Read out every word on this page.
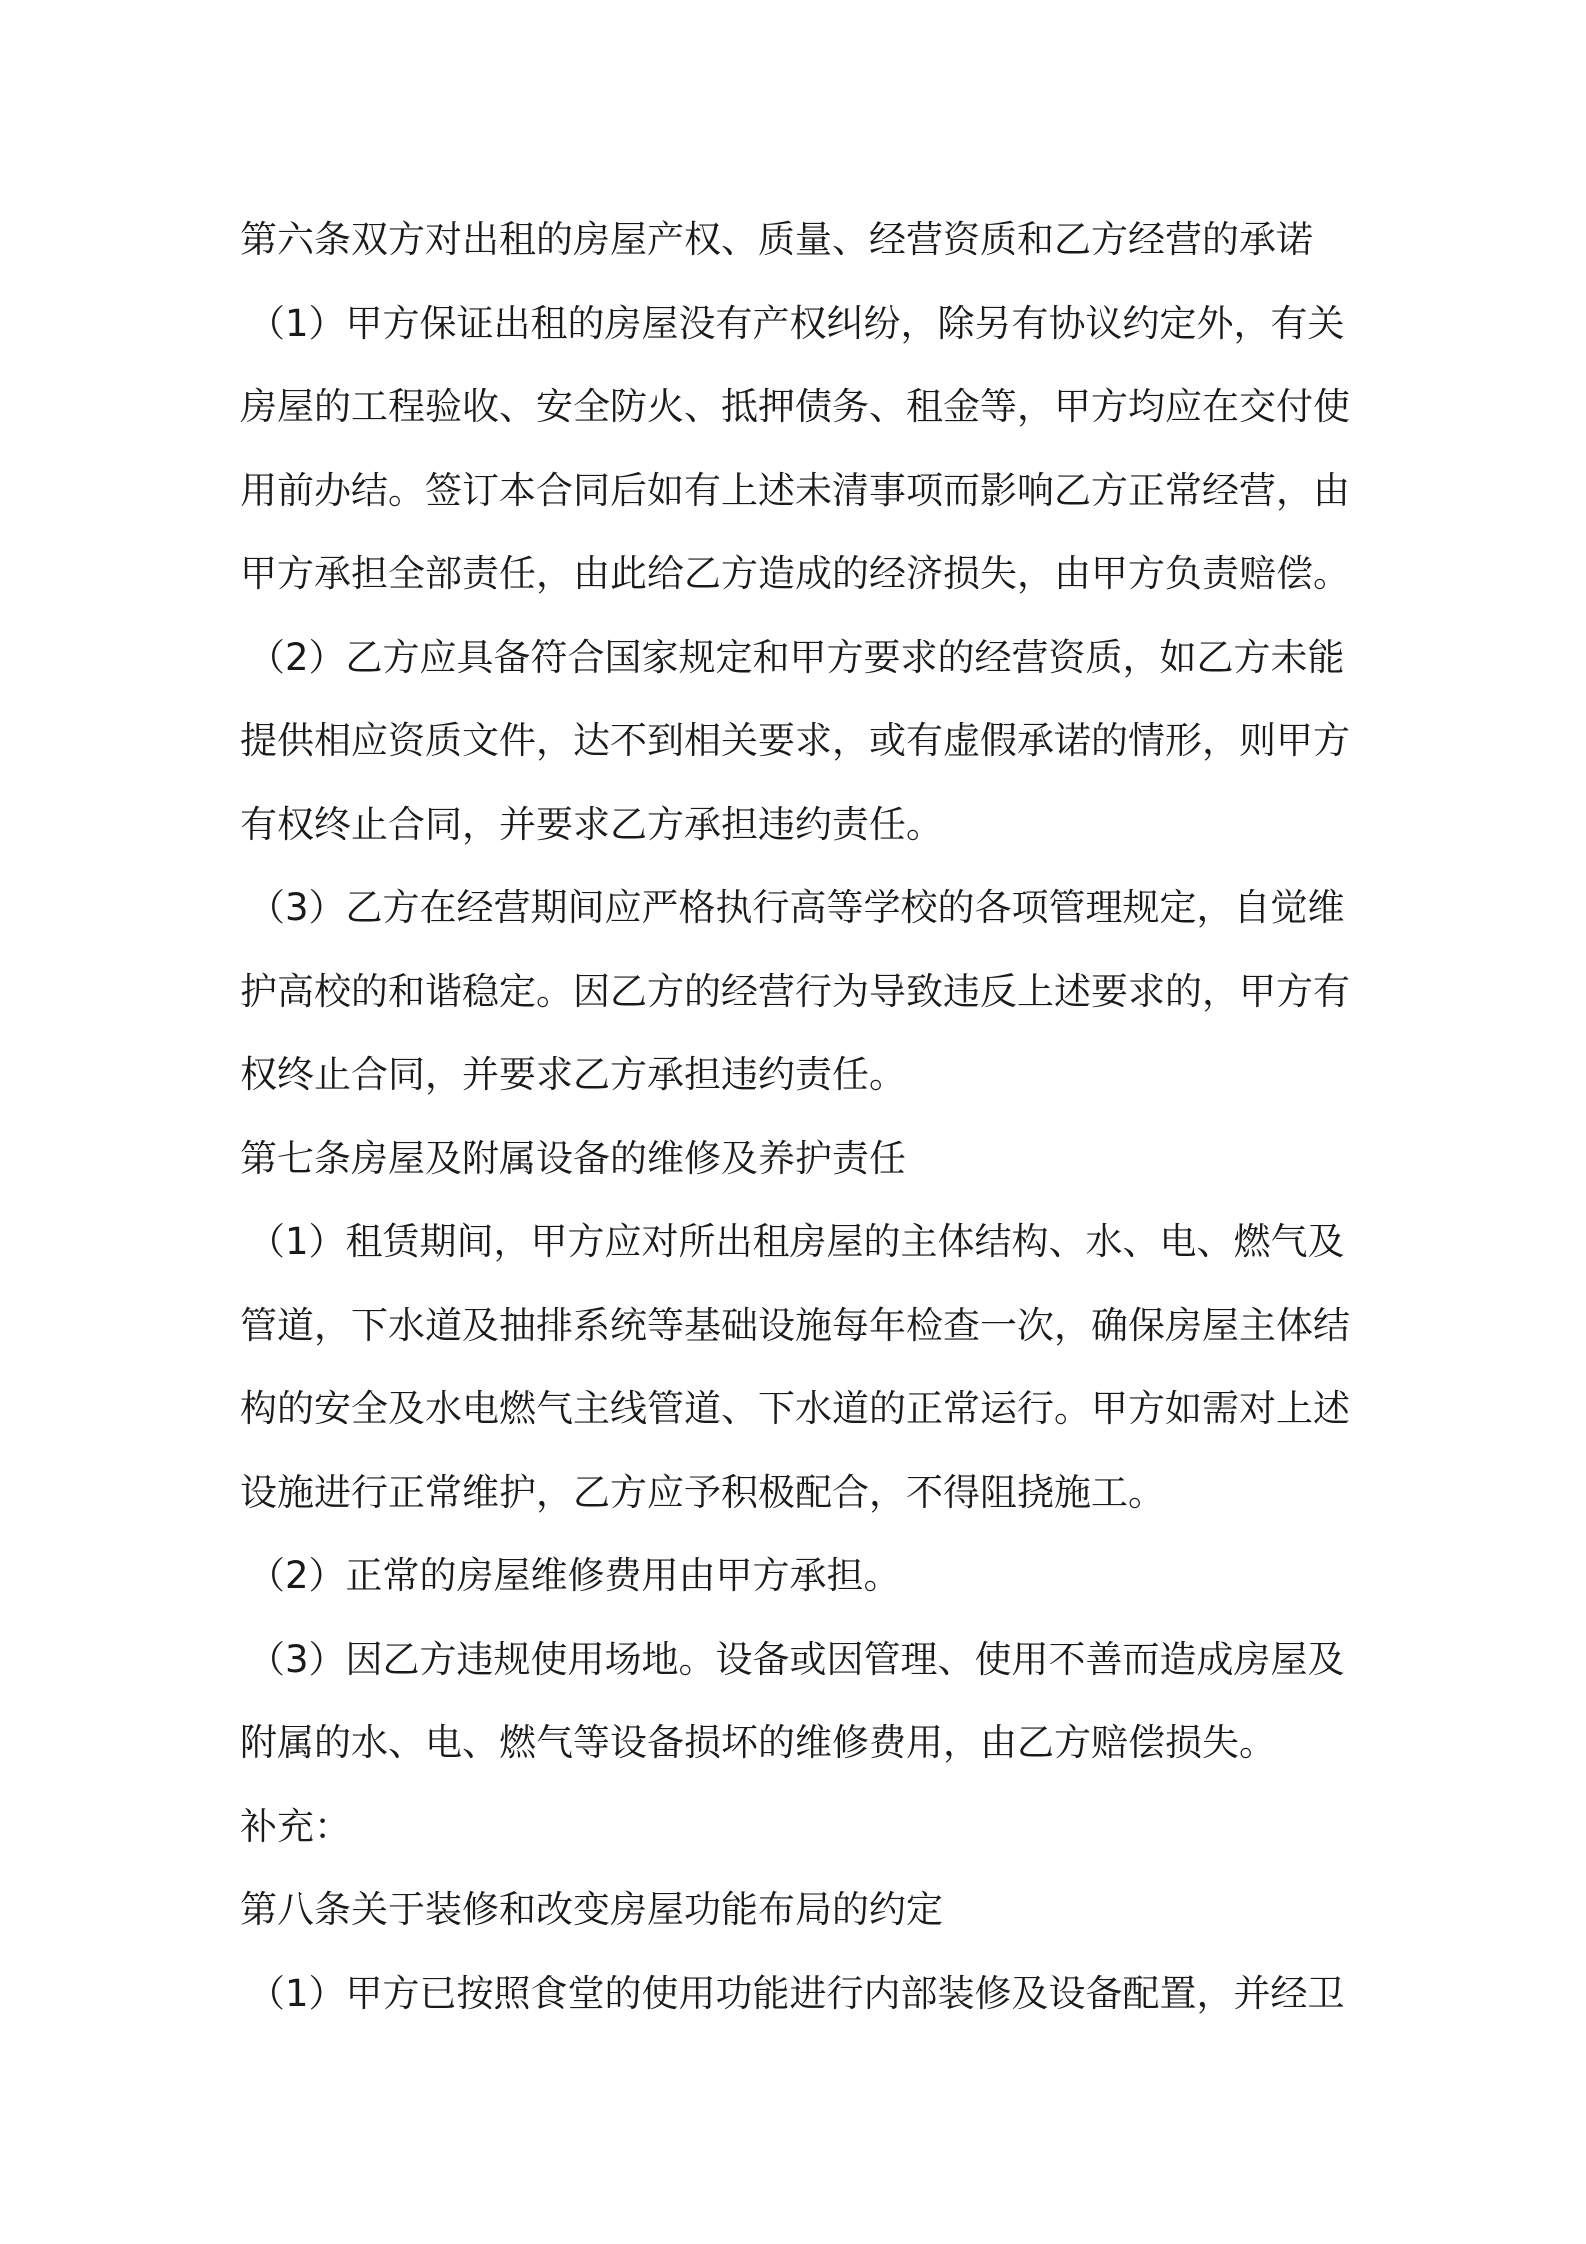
第六条双方对出租的房屋产权、质量、经营资质和乙方经营的承诺
（1）甲方保证出租的房屋没有产权纠纷，除另有协议约定外，有关
房屋的工程验收、安全防火、抵押债务、租金等，甲方均应在交付使
用前办结。签订本合同后如有上述未清事项而影响乙方正常经营，由
甲方承担全部责任，由此给乙方造成的经济损失，由甲方负责赔偿。
（2）乙方应具备符合国家规定和甲方要求的经营资质，如乙方未能
提供相应资质文件，达不到相关要求，或有虚假承诺的情形，则甲方
有权终止合同，并要求乙方承担违约责任。
（3）乙方在经营期间应严格执行高等学校的各项管理规定，自觉维
护高校的和谐稳定。因乙方的经营行为导致违反上述要求的，甲方有
权终止合同，并要求乙方承担违约责任。
第七条房屋及附属设备的维修及养护责任
（1）租赁期间，甲方应对所出租房屋的主体结构、水、电、燃气及
管道，下水道及抽排系统等基础设施每年检查一次，确保房屋主体结
构的安全及水电燃气主线管道、下水道的正常运行。甲方如需对上述
设施进行正常维护，乙方应予积极配合，不得阻挠施工。
（2）正常的房屋维修费用由甲方承担。
（3）因乙方违规使用场地。设备或因管理、使用不善而造成房屋及
附属的水、电、燃气等设备损坏的维修费用，由乙方赔偿损失。
补充：
第八条关于装修和改变房屋功能布局的约定
（1）甲方已按照食堂的使用功能进行内部装修及设备配置，并经卫
